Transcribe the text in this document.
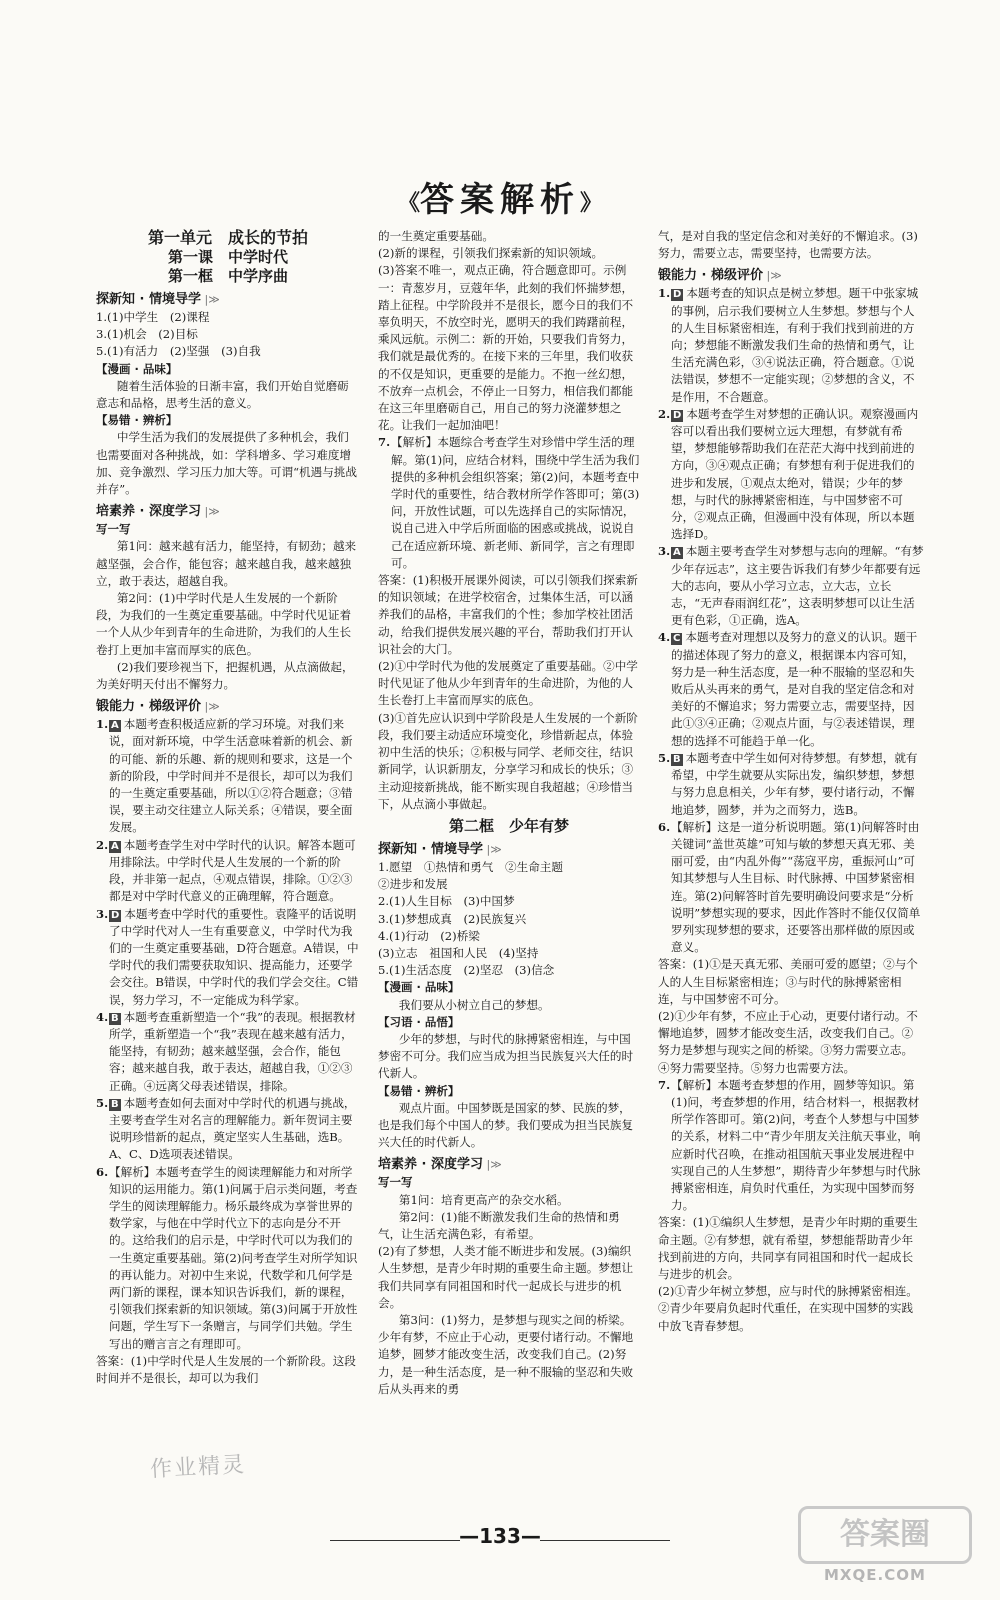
《答案解析》
第一单元　成长的节拍
第一课　中学时代
第一框　中学序曲
探新知 · 情境导学 |≫
1.(1)中学生　(2)课程
3.(1)机会　(2)目标
5.(1)有活力　(2)坚强　(3)自我
【漫画 · 品味】
随着生活体验的日渐丰富，我们开始自觉磨砺意志和品格，思考生活的意义。
【易错 · 辨析】
中学生活为我们的发展提供了多种机会，我们也需要面对各种挑战，如：学科增多、学习难度增加、竞争激烈、学习压力加大等。可谓“机遇与挑战并存”。
培素养 · 深度学习 |≫
写一写
第1问：越来越有活力，能坚持，有韧劲；越来越坚强，会合作，能包容；越来越自我，越来越独立，敢于表达，超越自我。
第2问：(1)中学时代是人生发展的一个新阶段，为我们的一生奠定重要基础。中学时代见证着一个人从少年到青年的生命进阶，为我们的人生长卷打上更加丰富而厚实的底色。
(2)我们要珍视当下，把握机遇，从点滴做起，为美好明天付出不懈努力。
锻能力 · 梯级评价 |≫
1. A 本题考查积极适应新的学习环境。对我们来说，面对新环境，中学生活意味着新的机会、新的可能、新的乐趣、新的规则和要求，这是一个新的阶段，中学时间并不是很长，却可以为我们的一生奠定重要基础，所以①②符合题意；③错误，要主动交往建立人际关系；④错误，要全面发展。
2. A 本题考查学生对中学时代的认识。解答本题可用排除法。中学时代是人生发展的一个新的阶段，并非第一起点，④观点错误，排除。①②③都是对中学时代意义的正确理解，符合题意。
3. D 本题考查中学时代的重要性。袁隆平的话说明了中学时代对人一生有重要意义，中学时代为我们的一生奠定重要基础，D符合题意。A错误，中学时代的我们需要获取知识、提高能力，还要学会交往。B错误，中学时代的我们学会交往。C错误，努力学习，不一定能成为科学家。
4. B 本题考查重新塑造一个“我”的表现。根据教材所学，重新塑造一个“我”表现在越来越有活力，能坚持，有韧劲；越来越坚强，会合作，能包容；越来越自我，敢于表达，超越自我，①②③正确。④远离父母表述错误，排除。
5. B 本题考查如何去面对中学时代的机遇与挑战，主要考查学生对名言的理解能力。新年贺词主要说明珍惜新的起点，奠定坚实人生基础，选B。A、C、D选项表述错误。
6. 【解析】本题考查学生的阅读理解能力和对所学知识的运用能力。第(1)问属于启示类问题，考查学生的阅读理解能力。杨乐最终成为享誉世界的数学家，与他在中学时代立下的志向是分不开的。这给我们的启示是，中学时代可以为我们的一生奠定重要基础。第(2)问考查学生对所学知识的再认能力。对初中生来说，代数学和几何学是两门新的课程，课本知识告诉我们，新的课程，引领我们探索新的知识领域。第(3)问属于开放性问题，学生写下一条赠言，与同学们共勉。学生写出的赠言言之有理即可。
答案：(1)中学时代是人生发展的一个新阶段。这段时间并不是很长，却可以为我们
的一生奠定重要基础。
(2)新的课程，引领我们探索新的知识领域。
(3)答案不唯一，观点正确，符合题意即可。示例一：青葱岁月，豆蔻年华，此刻的我们怀揣梦想，踏上征程。中学阶段并不是很长，愿今日的我们不辜负明天，不放空时光，愿明天的我们踌躇前程，乘风远航。示例二：新的开始，只要我们肯努力，我们就是最优秀的。在接下来的三年里，我们收获的不仅是知识，更重要的是能力。不抱一丝幻想，不放弃一点机会，不停止一日努力，相信我们都能在这三年里磨砺自己，用自己的努力浇灌梦想之花。让我们一起加油吧！
7. 【解析】本题综合考查学生对珍惜中学生活的理解。第(1)问，应结合材料，围绕中学生活为我们提供的多种机会组织答案；第(2)问，本题考查中学时代的重要性，结合教材所学作答即可；第(3)问，开放性试题，可以先选择自己的实际情况，说自己进入中学后所面临的困惑或挑战，说说自己在适应新环境、新老师、新同学，言之有理即可。
答案：(1)积极开展课外阅读，可以引领我们探索新的知识领域；在进学校宿舍，过集体生活，可以涵养我们的品格，丰富我们的个性；参加学校社团活动，给我们提供发展兴趣的平台，帮助我们打开认识社会的大门。
(2)①中学时代为他的发展奠定了重要基础。②中学时代见证了他从少年到青年的生命进阶，为他的人生长卷打上丰富而厚实的底色。
(3)①首先应认识到中学阶段是人生发展的一个新阶段，我们要主动适应环境变化，珍惜新起点，体验初中生活的快乐；②积极与同学、老师交往，结识新同学，认识新朋友，分享学习和成长的快乐；③主动迎接新挑战，能不断实现自我超越；④珍惜当下，从点滴小事做起。
第二框　少年有梦
探新知 · 情境导学 |≫
1.愿望　①热情和勇气　②生命主题
②进步和发展
2.(1)人生目标　(3)中国梦
3.(1)梦想成真　(2)民族复兴
4.(1)行动　(2)桥梁
(3)立志　祖国和人民　(4)坚持
5.(1)生活态度　(2)坚忍　(3)信念
【漫画 · 品味】
我们要从小树立自己的梦想。
【习语 · 品悟】
少年的梦想，与时代的脉搏紧密相连，与中国梦密不可分。我们应当成为担当民族复兴大任的时代新人。
【易错 · 辨析】
观点片面。中国梦既是国家的梦、民族的梦，也是我们每个中国人的梦。我们要成为担当民族复兴大任的时代新人。
培素养 · 深度学习 |≫
写一写
第1问：培育更高产的杂交水稻。
第2问：(1)能不断激发我们生命的热情和勇气，让生活充满色彩，有希望。
(2)有了梦想，人类才能不断进步和发展。(3)编织人生梦想，是青少年时期的重要生命主题。梦想让我们共同享有同祖国和时代一起成长与进步的机会。
第3问：(1)努力，是梦想与现实之间的桥梁。少年有梦，不应止于心动，更要付诸行动。不懈地追梦，圆梦才能改变生活，改变我们自己。(2)努力，是一种生活态度，是一种不服输的坚忍和失败后从头再来的勇
气，是对自我的坚定信念和对美好的不懈追求。(3)努力，需要立志，需要坚持，也需要方法。
锻能力 · 梯级评价 |≫
1. D 本题考查的知识点是树立梦想。题干中张家城的事例，启示我们要树立人生梦想。梦想与个人的人生目标紧密相连，有利于我们找到前进的方向；梦想能不断激发我们生命的热情和勇气，让生活充满色彩，③④说法正确，符合题意。①说法错误，梦想不一定能实现；②梦想的含义，不是作用，不合题意。
2. D 本题考查学生对梦想的正确认识。观察漫画内容可以看出我们要树立远大理想，有梦就有希望，梦想能够帮助我们在茫茫大海中找到前进的方向，③④观点正确；有梦想有利于促进我们的进步和发展，①观点太绝对，错误；少年的梦想，与时代的脉搏紧密相连，与中国梦密不可分，②观点正确，但漫画中没有体现，所以本题选择D。
3. A 本题主要考查学生对梦想与志向的理解。“有梦少年存远志”，这主要告诉我们有梦少年都要有远大的志向，要从小学习立志，立大志，立长志，“无声春雨润红花”，这表明梦想可以让生活更有色彩，①正确，选A。
4. C 本题考查对理想以及努力的意义的认识。题干的描述体现了努力的意义，根据课本内容可知，努力是一种生活态度，是一种不服输的坚忍和失败后从头再来的勇气，是对自我的坚定信念和对美好的不懈追求；努力需要立志，需要坚持，因此①③④正确；②观点片面，与②表述错误，理想的选择不可能趋于单一化。
5. B 本题考查中学生如何对待梦想。有梦想，就有希望，中学生就要从实际出发，编织梦想，梦想与努力息息相关，少年有梦，要付诸行动，不懈地追梦，圆梦，并为之而努力，选B。
6. 【解析】这是一道分析说明题。第(1)问解答时由关键词“盖世英雄”可知与敏的梦想天真无邪、美丽可爱，由“内乱外侮”“荡寇平房，重振河山”可知其梦想与人生目标、时代脉搏、中国梦紧密相连。第(2)问解答时首先要明确设问要求是“分析说明”梦想实现的要求，因此作答时不能仅仅简单罗列实现梦想的要求，还要答出那样做的原因或意义。
答案：(1)①是天真无邪、美丽可爱的愿望；②与个人的人生目标紧密相连；③与时代的脉搏紧密相连，与中国梦密不可分。
(2)①少年有梦，不应止于心动，更要付诸行动。不懈地追梦，圆梦才能改变生活，改变我们自己。②努力是梦想与现实之间的桥梁。③努力需要立志。④努力需要坚持。⑤努力也需要方法。
7. 【解析】本题考查梦想的作用，圆梦等知识。第(1)问，考查梦想的作用，结合材料一，根据教材所学作答即可。第(2)问，考查个人梦想与中国梦的关系，材料二中“青少年朋友关注航天事业，响应新时代召唤，在推动祖国航天事业发展进程中实现自己的人生梦想”，期待青少年梦想与时代脉搏紧密相连，肩负时代重任，为实现中国梦而努力。
答案：(1)①编织人生梦想，是青少年时期的重要生命主题。②有梦想，就有希望，梦想能帮助青少年找到前进的方向，共同享有同祖国和时代一起成长与进步的机会。
(2)①青少年树立梦想，应与时代的脉搏紧密相连。②青少年要肩负起时代重任，在实现中国梦的实践中放飞青春梦想。
—133—
作业精灵
答案圈
MXQE.COM
